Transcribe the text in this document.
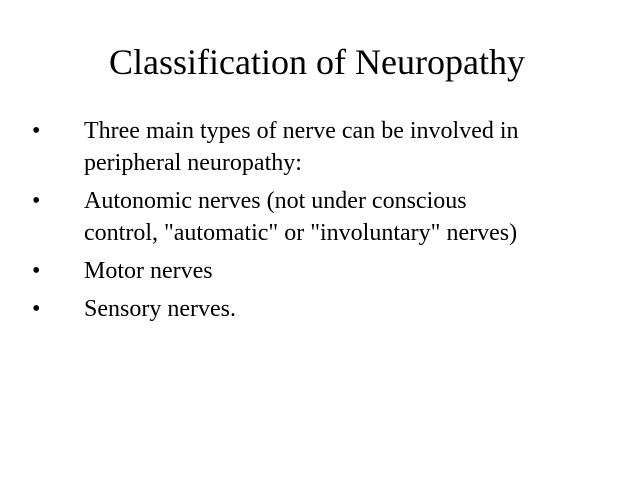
Classification of Neuropathy
•	Three main types of nerve can be involved in
peripheral neuropathy:
•	Autonomic nerves (not under conscious
control, "automatic" or "involuntary" nerves)
•	Motor nerves
•	Sensory nerves.
